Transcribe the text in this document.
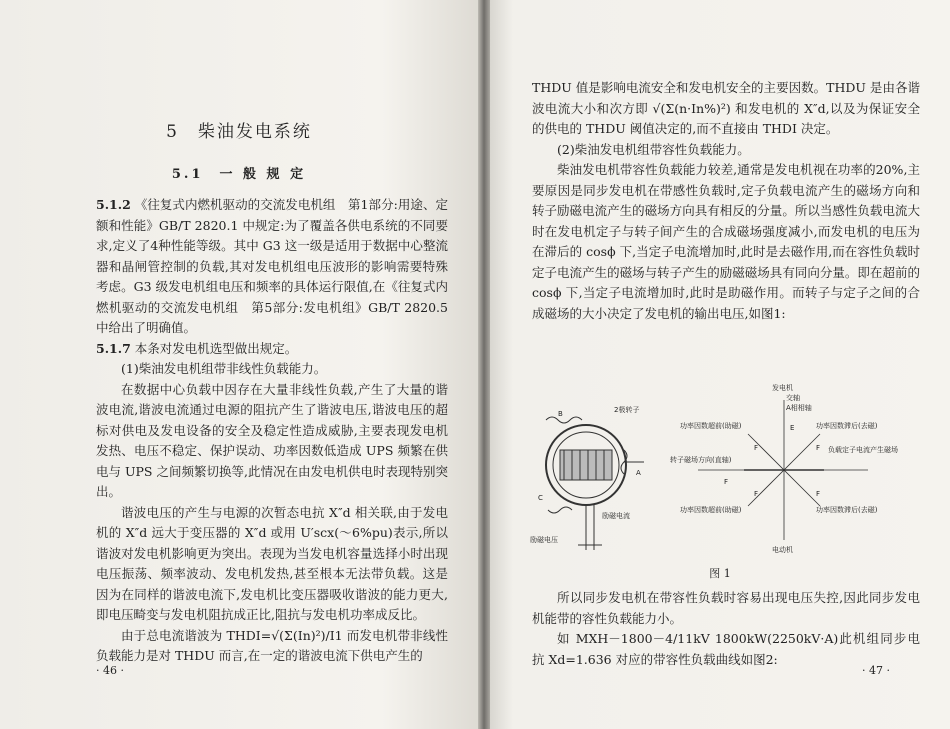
5　柴油发电系统
5.1　一 般 规 定

5.1.2 《往复式内燃机驱动的交流发电机组　第1部分:用途、定额和性能》GB/T 2820.1 中规定:为了覆盖各供电系统的不同要求,定义了4种性能等级。其中 G3 这一级是适用于数据中心整流器和晶闸管控制的负载,其对发电机组电压波形的影响需要特殊考虑。G3 级发电机组电压和频率的具体运行限值,在《往复式内燃机驱动的交流发电机组　第5部分:发电机组》GB/T 2820.5 中给出了明确值。

5.1.7 本条对发电机选型做出规定。

(1)柴油发电机组带非线性负载能力。

在数据中心负载中因存在大量非线性负载,产生了大量的谐波电流,谐波电流通过电源的阻抗产生了谐波电压,谐波电压的超标对供电及发电设备的安全及稳定性造成威胁,主要表现发电机发热、电压不稳定、保护误动、功率因数低造成 UPS 频繁在供电与 UPS 之间频繁切换等,此情况在由发电机供电时表现特别突出。

谐波电压的产生与电源的次暂态电抗 X″d 相关联,由于发电机的 X″d 远大于变压器的 X″d 或用 U′scx(～6%pu)表示,所以谐波对发电机影响更为突出。表现为当发电机容量选择小时出现电压振荡、频率波动、发电机发热,甚至根本无法带负载。这是因为在同样的谐波电流下,发电机比变压器吸收谐波的能力更大,即电压畸变与发电机阻抗成正比,阻抗与发电机功率成反比。

由于总电流谐波为 THDI=√(Σ(In)²)/I1 而发电机带非线性负载能力是对 THDU 而言,在一定的谐波电流下供电产生的

· 46 ·

THDU 值是影响电流安全和发电机安全的主要因数。THDU 是由各谐波电流大小和次方即 √(Σ(n·In%)²) 和发电机的 X″d,以及为保证安全的供电的 THDU 阈值决定的,而不直接由 THDI 决定。

(2)柴油发电机组带容性负载能力。

柴油发电机带容性负载能力较差,通常是发电机视在功率的20%,主要原因是同步发电机在带感性负载时,定子负载电流产生的磁场方向和转子励磁电流产生的磁场方向具有相反的分量。所以当感性负载电流大时在发电机定子与转子间产生的合成磁场强度减小,而发电机的电压为在滞后的 cosϕ 下,当定子电流增加时,此时是去磁作用,而在容性负载时定子电流产生的磁场与转子产生的励磁磁场具有同向分量。即在超前的 cosϕ 下,当定子电流增加时,此时是助磁作用。而转子与定子之间的合成磁场的大小决定了发电机的输出电压,如图1:

B
A
C
2极转子
励磁电流
励磁电压
发电机
交轴
A相相轴
功率因数超前(助磁)	功率因数滞后(去磁)
转子磁场方向(直轴)
负载定子电流产生磁场
功率因数超前(助磁)	功率因数滞后(去磁)
电动机
E
F
F
F
F
F
图 1

所以同步发电机在带容性负载时容易出现电压失控,因此同步发电机能带的容性负载能力小。

如 MXH－1800－4/11kV 1800kW(2250kV·A)此机组同步电抗 Xd=1.636 对应的带容性负载曲线如图2:

· 47 ·
